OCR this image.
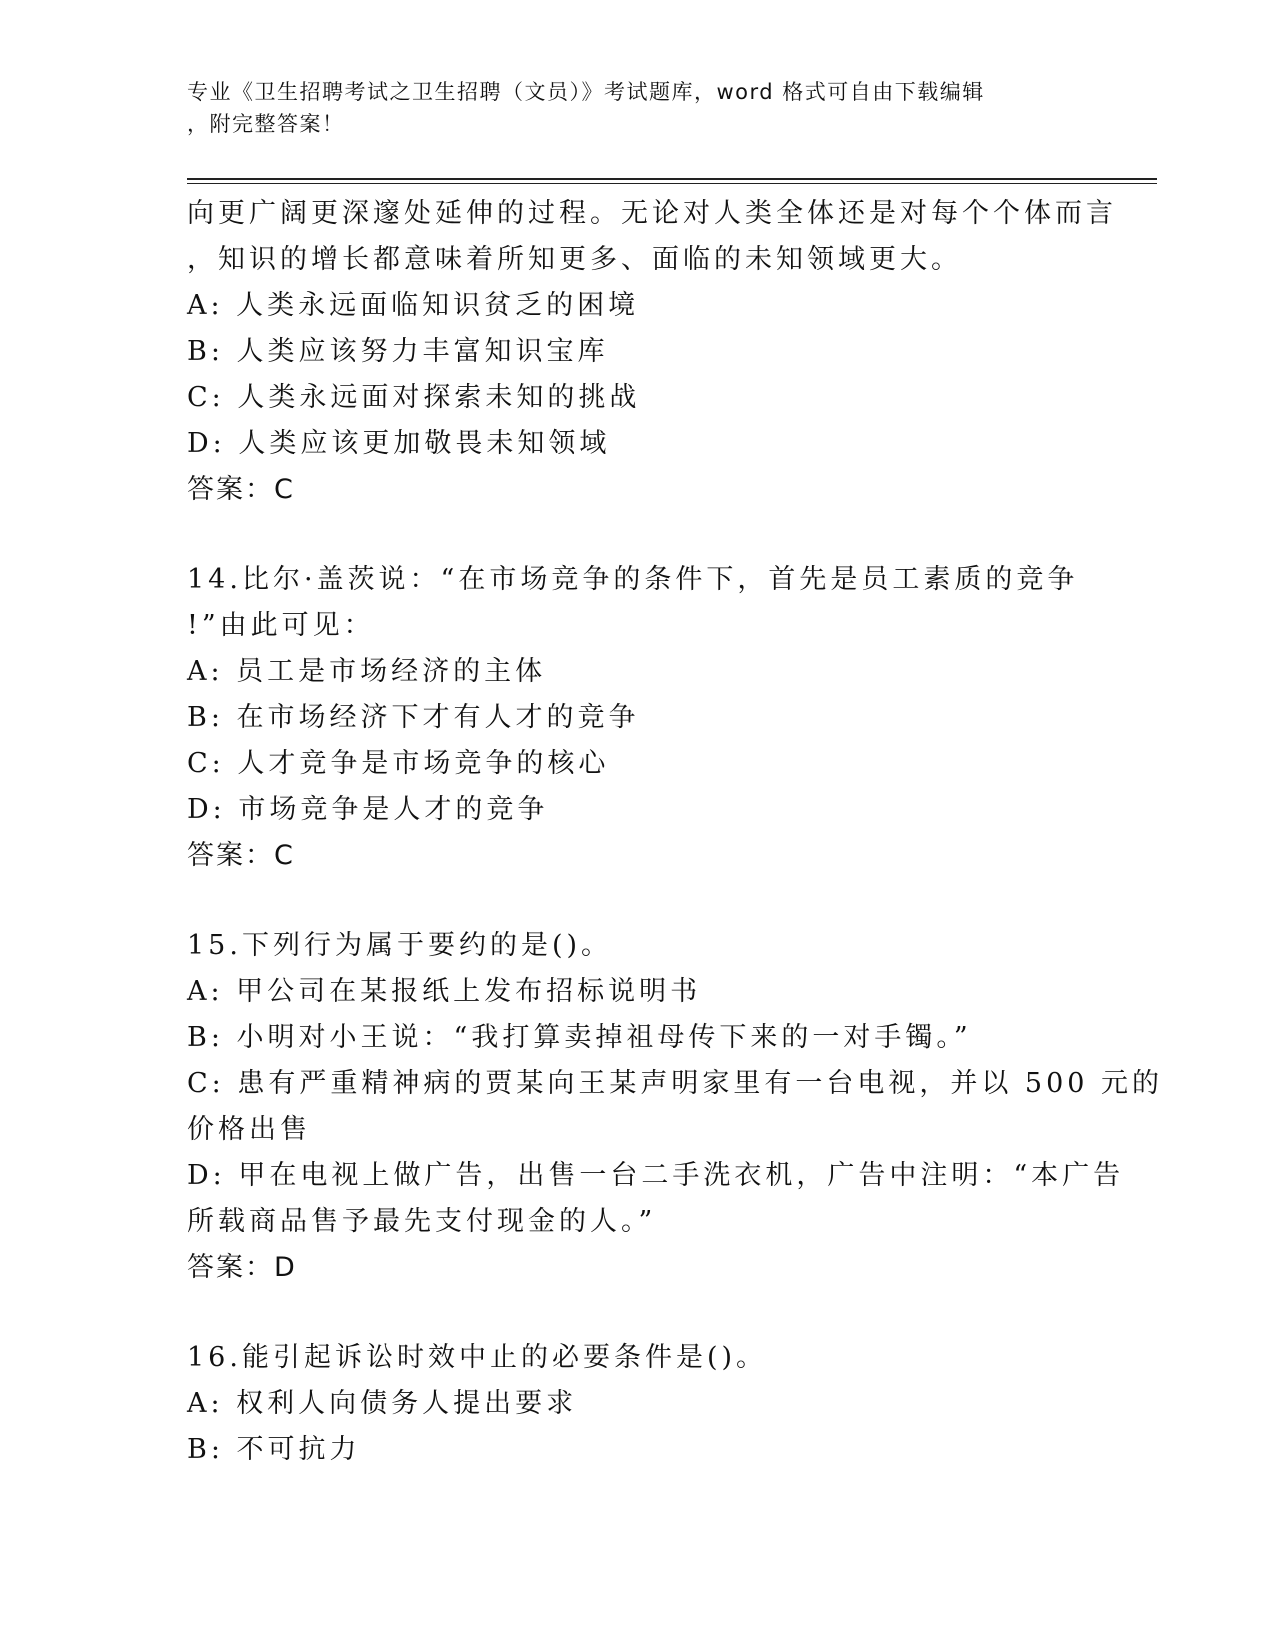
专业《卫生招聘考试之卫生招聘（文员）》考试题库，word 格式可自由下载编辑
，附完整答案！
向更广阔更深邃处延伸的过程。无论对人类全体还是对每个个体而言
，知识的增长都意味着所知更多、面临的未知领域更大。
A: 人类永远面临知识贫乏的困境
B: 人类应该努力丰富知识宝库
C: 人类永远面对探索未知的挑战
D: 人类应该更加敬畏未知领域
答案：C
14.比尔·盖茨说：“在市场竞争的条件下，首先是员工素质的竞争
!”由此可见：
A: 员工是市场经济的主体
B: 在市场经济下才有人才的竞争
C: 人才竞争是市场竞争的核心
D: 市场竞争是人才的竞争
答案：C
15.下列行为属于要约的是()。
A: 甲公司在某报纸上发布招标说明书
B: 小明对小王说：“我打算卖掉祖母传下来的一对手镯。”
C: 患有严重精神病的贾某向王某声明家里有一台电视，并以 500 元的
价格出售
D: 甲在电视上做广告，出售一台二手洗衣机，广告中注明：“本广告
所载商品售予最先支付现金的人。”
答案：D
16.能引起诉讼时效中止的必要条件是()。
A: 权利人向债务人提出要求
B: 不可抗力
